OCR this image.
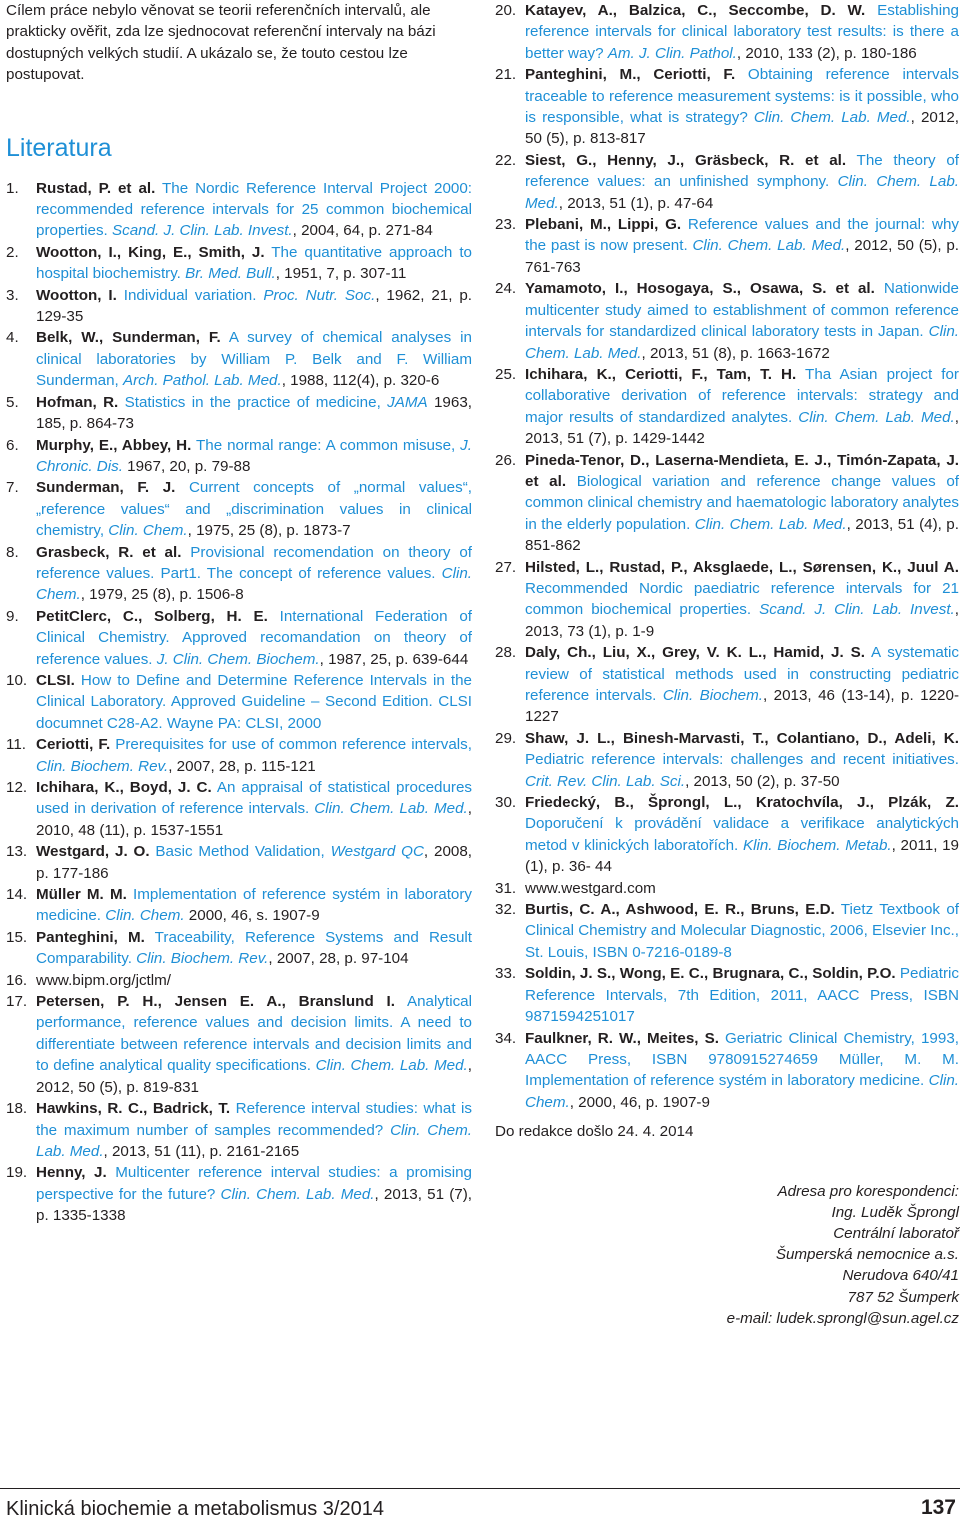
Cílem práce nebylo věnovat se teorii referenčních intervalů, ale prakticky ověřit, zda lze sjednocovat referenční intervaly na bázi dostupných velkých studií. A ukázalo se, že touto cestou lze postupovat.
Literatura
1.	Rustad, P. et al. The Nordic Reference Interval Project 2000: recommended reference intervals for 25 common biochemical properties. Scand. J. Clin. Lab. Invest., 2004, 64, p. 271-84
2.	Wootton, I., King, E., Smith, J. The quantitative approach to hospital biochemistry. Br. Med. Bull., 1951, 7, p. 307-11
3.	Wootton, I. Individual variation. Proc. Nutr. Soc., 1962, 21, p. 129-35
4.	Belk, W., Sunderman, F. A survey of chemical analyses in clinical laboratories by William P. Belk and F. William Sunderman, Arch. Pathol. Lab. Med., 1988, 112(4), p. 320-6
5.	Hofman, R. Statistics in the practice of medicine, JAMA 1963, 185, p. 864-73
6.	Murphy, E., Abbey, H. The normal range: A common misuse, J. Chronic. Dis. 1967, 20, p. 79-88
7.	Sunderman, F. J. Current concepts of „normal values“, „reference values“ and „discrimination values in clinical chemistry, Clin. Chem., 1975, 25 (8), p. 1873-7
8.	Grasbeck, R. et al. Provisional recomendation on theory of reference values. Part1. The concept of reference values. Clin. Chem., 1979, 25 (8), p. 1506-8
9.	PetitClerc, C., Solberg, H. E. International Federation of Clinical Chemistry. Approved recomandation on theory of reference values. J. Clin. Chem. Biochem., 1987, 25, p. 639-644
10. CLSI. How to Define and Determine Reference Intervals in the Clinical Laboratory. Approved Guideline – Second Edition. CLSI documnet C28-A2. Wayne PA: CLSI, 2000
11. Ceriotti, F. Prerequisites for use of common reference intervals, Clin. Biochem. Rev., 2007, 28, p. 115-121
12. Ichihara, K., Boyd, J. C. An appraisal of statistical procedures used in derivation of reference intervals. Clin. Chem. Lab. Med., 2010, 48 (11), p. 1537-1551
13. Westgard, J. O. Basic Method Validation, Westgard QC, 2008, p. 177-186
14. Müller M. M. Implementation of reference systém in laboratory medicine. Clin. Chem. 2000, 46, s. 1907-9
15. Panteghini, M. Traceability, Reference Systems and Result Comparability. Clin. Biochem. Rev., 2007, 28, p. 97-104
16. www.bipm.org/jctlm/
17. Petersen, P. H., Jensen E. A., Branslund I. Analytical performance, reference values and decision limits. A need to differentiate between reference intervals and decision limits and to define analytical quality specifications. Clin. Chem. Lab. Med., 2012, 50 (5), p. 819-831
18. Hawkins, R. C., Badrick, T. Reference interval studies: what is the maximum number of samples recommended? Clin. Chem. Lab. Med., 2013, 51 (11), p. 2161-2165
19. Henny, J. Multicenter reference interval studies: a promising perspective for the future? Clin. Chem. Lab. Med., 2013, 51 (7), p. 1335-1338
20. Katayev, A., Balzica, C., Seccombe, D. W. Establishing reference intervals for clinical laboratory test results: is there a better way? Am. J. Clin. Pathol., 2010, 133 (2), p. 180-186
21. Panteghini, M., Ceriotti, F. Obtaining reference intervals traceable to reference measurement systems: is it possible, who is responsible, what is strategy? Clin. Chem. Lab. Med., 2012, 50 (5), p. 813-817
22. Siest, G., Henny, J., Gräsbeck, R. et al. The theory of reference values: an unfinished symphony. Clin. Chem. Lab. Med., 2013, 51 (1), p. 47-64
23. Plebani, M., Lippi, G. Reference values and the journal: why the past is now present. Clin. Chem. Lab. Med., 2012, 50 (5), p. 761-763
24. Yamamoto, I., Hosogaya, S., Osawa, S. et al. Nationwide multicenter study aimed to establishment of common reference intervals for standardized clinical laboratory tests in Japan. Clin. Chem. Lab. Med., 2013, 51 (8), p. 1663-1672
25. Ichihara, K., Ceriotti, F., Tam, T. H. Tha Asian project for collaborative derivation of reference intervals: strategy and major results of standardized analytes. Clin. Chem. Lab. Med., 2013, 51 (7), p. 1429-1442
26. Pineda-Tenor, D., Laserna-Mendieta, E. J., Timón-Zapata, J. et al. Biological variation and reference change values of common clinical chemistry and haematologic laboratory analytes in the elderly population. Clin. Chem. Lab. Med., 2013, 51 (4), p. 851-862
27. Hilsted, L., Rustad, P., Aksglaede, L., Sørensen, K., Juul A. Recommended Nordic paediatric reference intervals for 21 common biochemical properties. Scand. J. Clin. Lab. Invest., 2013, 73 (1), p. 1-9
28. Daly, Ch., Liu, X., Grey, V. K. L., Hamid, J. S. A systematic review of statistical methods used in constructing pediatric reference intervals. Clin. Biochem., 2013, 46 (13-14), p. 1220-1227
29. Shaw, J. L., Binesh-Marvasti, T., Colantiano, D., Adeli, K. Pediatric reference intervals: challenges and recent initiatives. Crit. Rev. Clin. Lab. Sci., 2013, 50 (2), p. 37-50
30. Friedecký, B., Šprongl, L., Kratochvíla, J., Plzák, Z. Doporučení k provádění validace a verifikace analytických metod v klinických laboratořích. Klin. Biochem. Metab., 2011, 19 (1), p. 36- 44
31. www.westgard.com
32. Burtis, C. A., Ashwood, E. R., Bruns, E.D. Tietz Textbook of Clinical Chemistry and Molecular Diagnostic, 2006, Elsevier Inc., St. Louis, ISBN 0-7216-0189-8
33. Soldin, J. S., Wong, E. C., Brugnara, C., Soldin, P.O. Pediatric Reference Intervals, 7th Edition, 2011, AACC Press, ISBN 9871594251017
34. Faulkner, R. W., Meites, S. Geriatric Clinical Chemistry, 1993, AACC Press, ISBN 9780915274659 Müller, M. M. Implementation of reference systém in laboratory medicine. Clin. Chem., 2000, 46, p. 1907-9
Do redakce došlo 24. 4. 2014
Adresa pro korespondenci:
Ing. Luděk Šprongl
Centrální laboratoř
Šumperská nemocnice a.s.
Nerudova 640/41
787 52 Šumperk
e-mail: ludek.sprongl@sun.agel.cz
Klinická biochemie a metabolismus 3/2014	137
